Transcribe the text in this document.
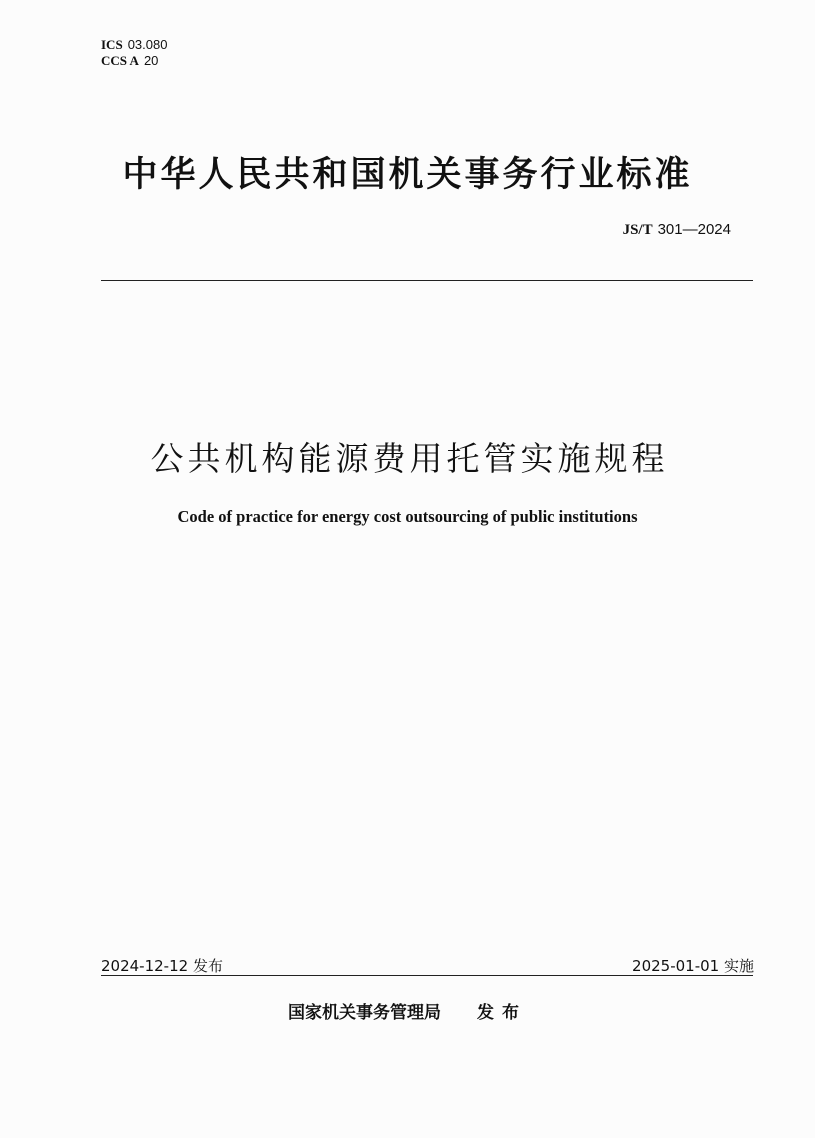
ICS 03.080
CCS A 20
中华人民共和国机关事务行业标准
JS/T 301—2024
公共机构能源费用托管实施规程
Code of practice for energy cost outsourcing of public institutions
2024-12-12 发布	2025-01-01 实施
国家机关事务管理局 发布
